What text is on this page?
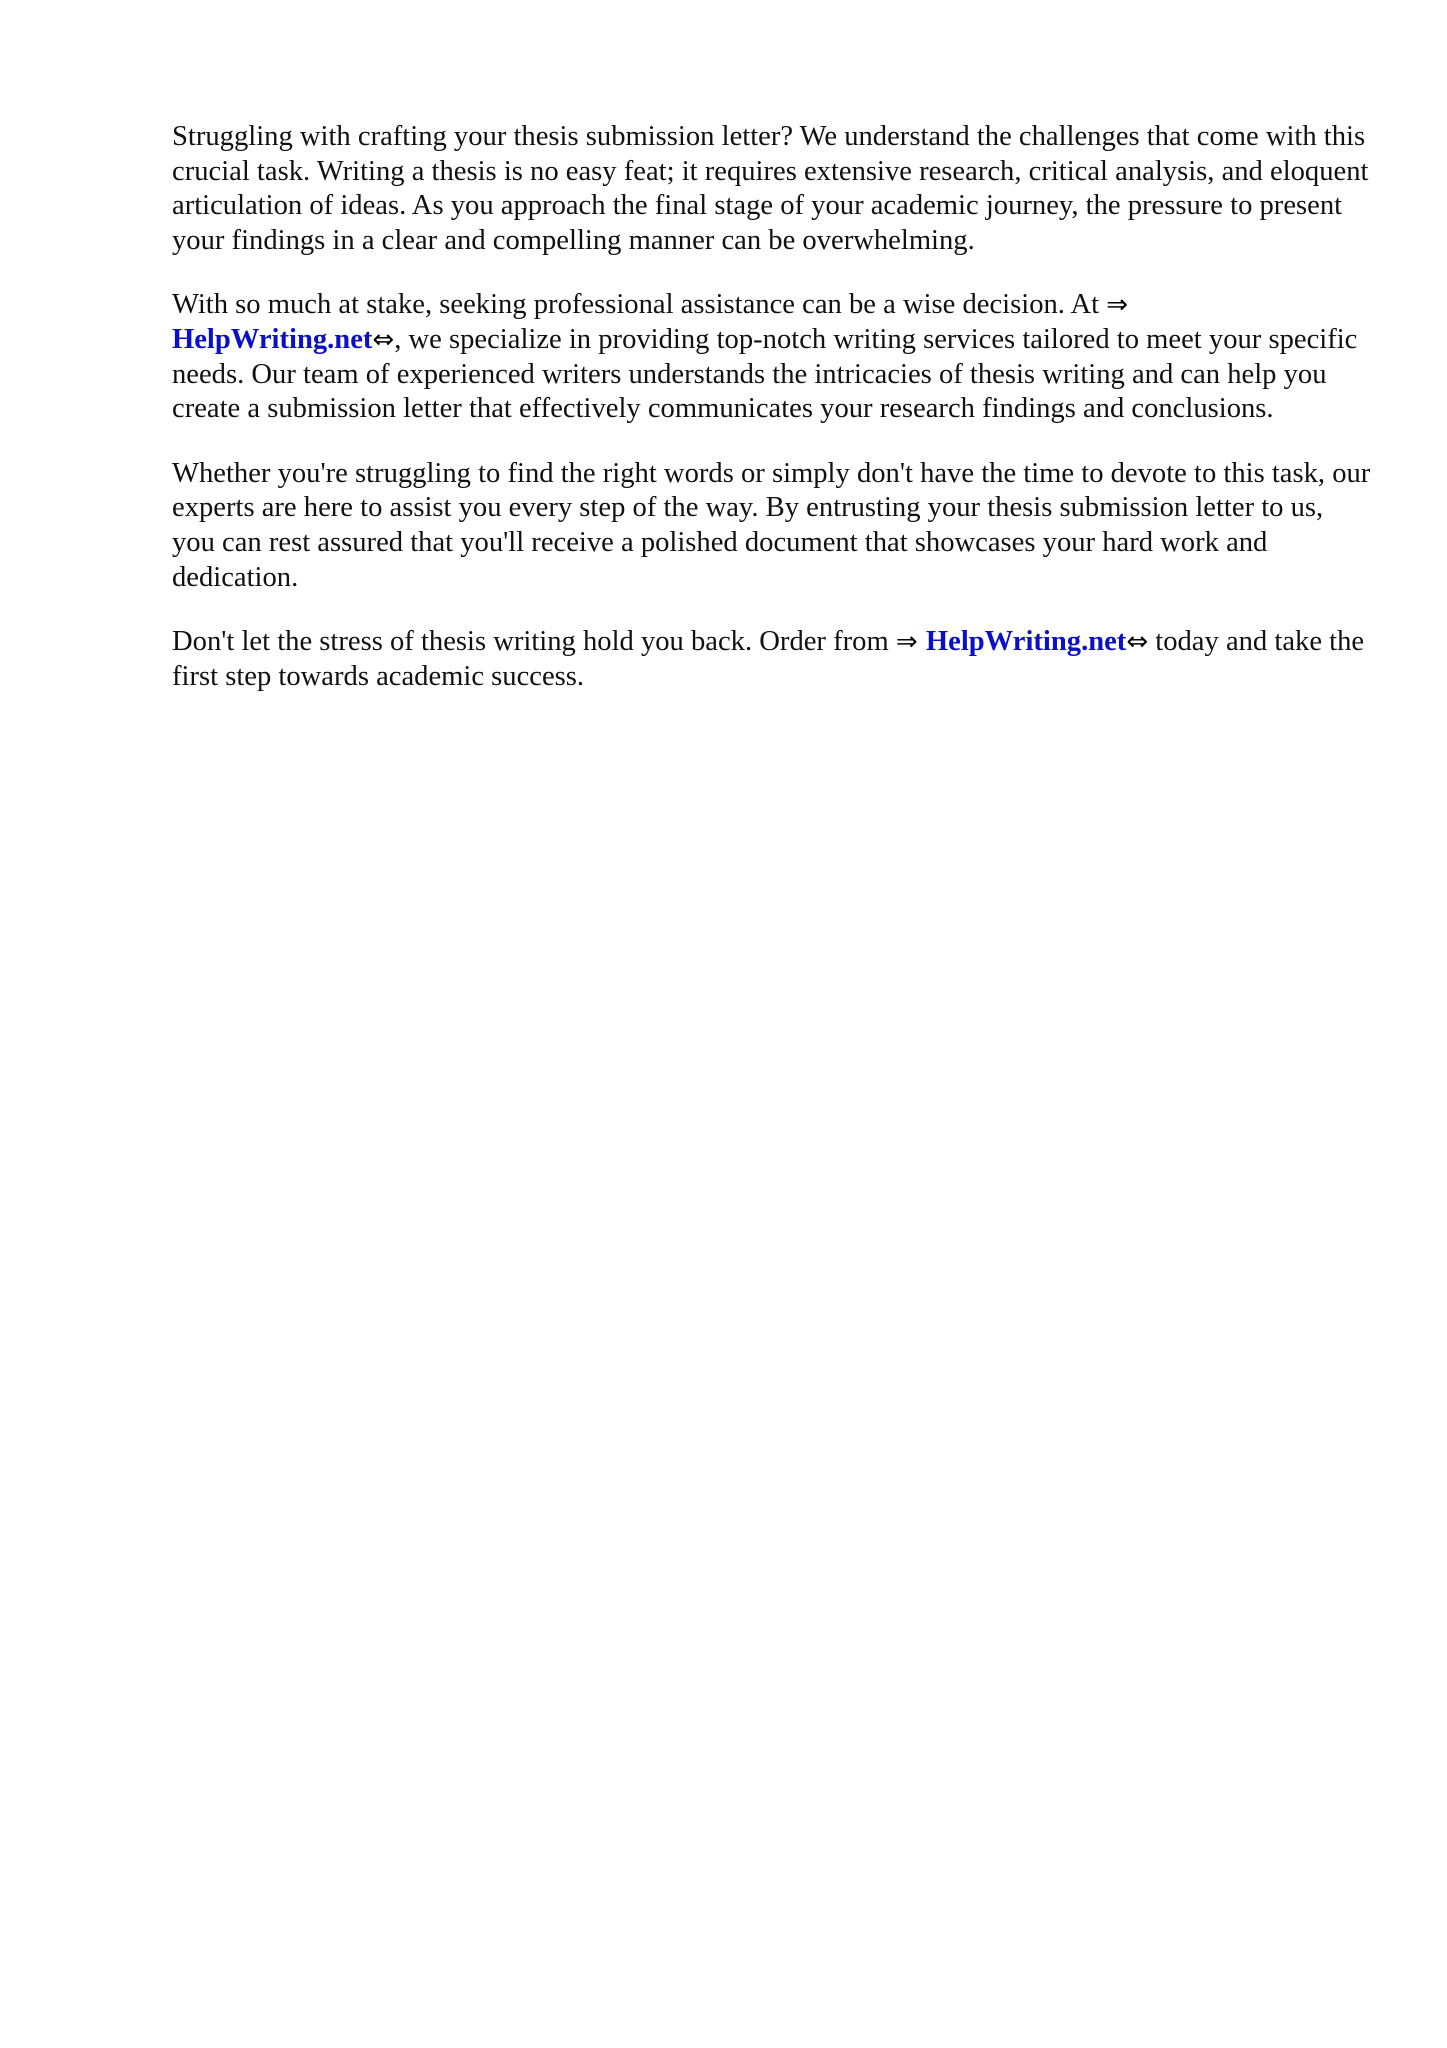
Struggling with crafting your thesis submission letter? We understand the challenges that come with this crucial task. Writing a thesis is no easy feat; it requires extensive research, critical analysis, and eloquent articulation of ideas. As you approach the final stage of your academic journey, the pressure to present your findings in a clear and compelling manner can be overwhelming.

With so much at stake, seeking professional assistance can be a wise decision. At ⇒
HelpWriting.net⇔, we specialize in providing top-notch writing services tailored to meet your specific needs. Our team of experienced writers understands the intricacies of thesis writing and can help you create a submission letter that effectively communicates your research findings and conclusions.

Whether you're struggling to find the right words or simply don't have the time to devote to this task, our experts are here to assist you every step of the way. By entrusting your thesis submission letter to us, you can rest assured that you'll receive a polished document that showcases your hard work and dedication.

Don't let the stress of thesis writing hold you back. Order from ⇒ HelpWriting.net⇔ today and take the first step towards academic success.
